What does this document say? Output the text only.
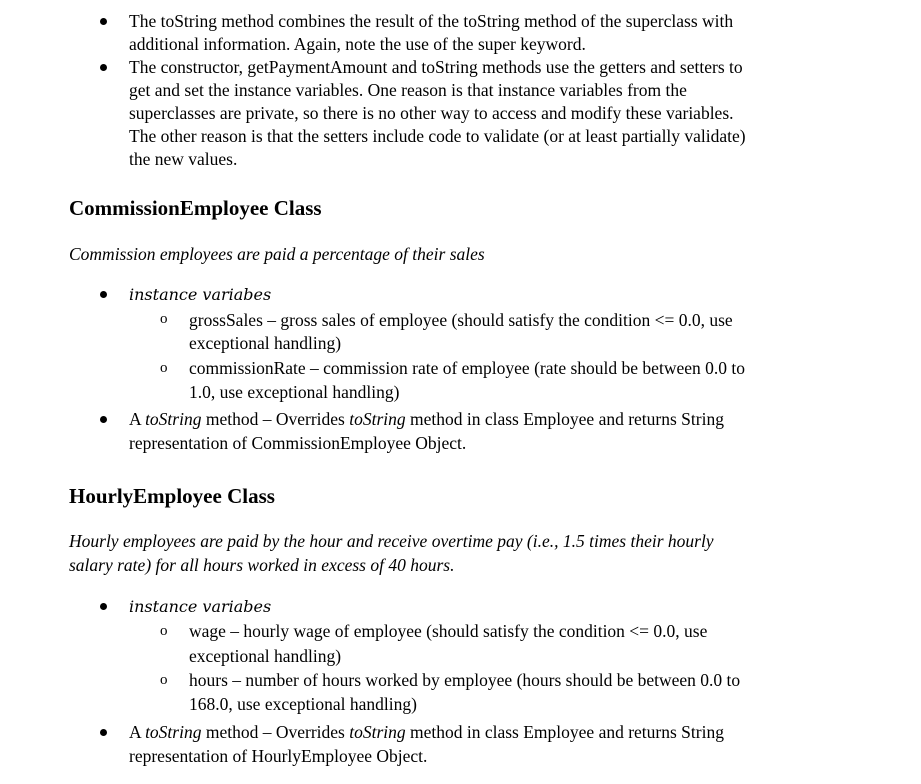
The toString method combines the result of the toString method of the superclass with
additional information. Again, note the use of the super keyword.
The constructor, getPaymentAmount and toString methods use the getters and setters to
get and set the instance variables. One reason is that instance variables from the
superclasses are private, so there is no other way to access and modify these variables.
The other reason is that the setters include code to validate (or at least partially validate)
the new values.
CommissionEmployee Class
Commission employees are paid a percentage of their sales
instance variabes
o grossSales – gross sales of employee (should satisfy the condition <= 0.0, use
exceptional handling)
o commissionRate – commission rate of employee (rate should be between 0.0 to
1.0, use exceptional handling)
A toString method – Overrides toString method in class Employee and returns String
representation of CommissionEmployee Object.
HourlyEmployee Class
Hourly employees are paid by the hour and receive overtime pay (i.e., 1.5 times their hourly
salary rate) for all hours worked in excess of 40 hours.
instance variabes
o wage – hourly wage of employee (should satisfy the condition <= 0.0, use
exceptional handling)
o hours – number of hours worked by employee (hours should be between 0.0 to
168.0, use exceptional handling)
A toString method – Overrides toString method in class Employee and returns String
representation of HourlyEmployee Object.
